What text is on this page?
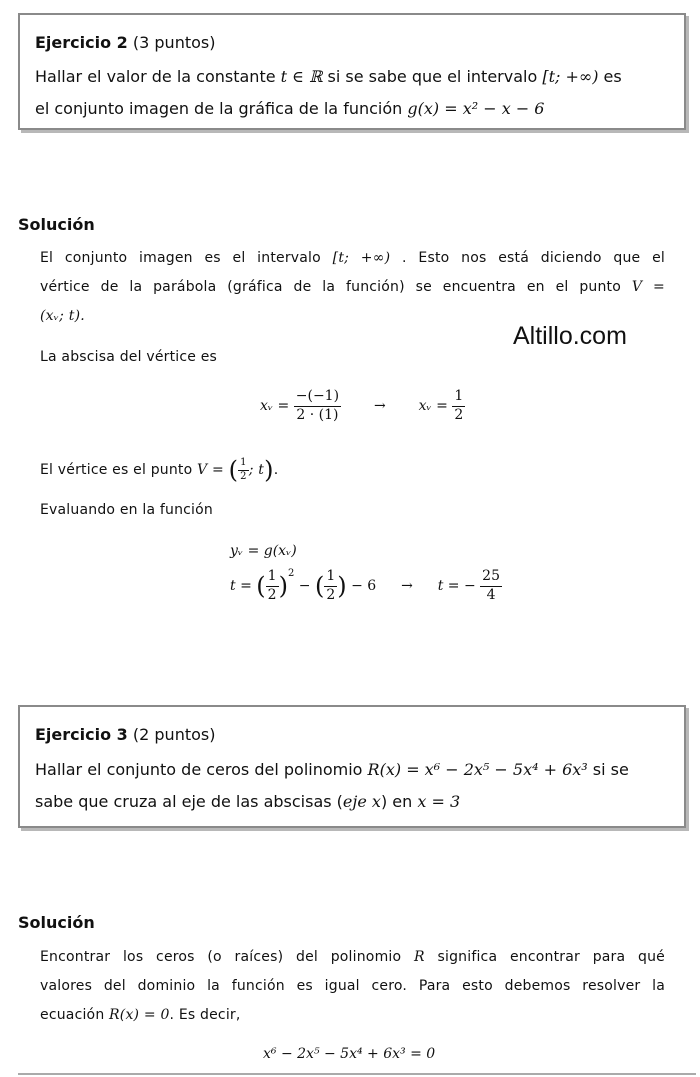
Ejercicio 2 (3 puntos)
Hallar el valor de la constante t ∈ ℝ si se sabe que el intervalo [t; +∞) es
el conjunto imagen de la gráfica de la función g(x) = x² − x − 6
Solución
El conjunto imagen es el intervalo [t; +∞) . Esto nos está diciendo que el
vértice de la parábola (gráfica de la función) se encuentra en el punto V =
(xᵥ; t).
Altillo.com
La abscisa del vértice es
xᵥ = $\frac{-(-1)}{2 \cdot (1)}$ → xᵥ = $\frac{1}{2}$
El vértice es el punto V = ( $\frac{1}{2}$ ; t).
Evaluando en la función
yᵥ = g(xᵥ)
t = ( $\frac{1}{2} )^2$ − ( $\frac{1}{2}$ ) − 6 → t = − $\frac{25}{4}$
Ejercicio 3 (2 puntos)
Hallar el conjunto de ceros del polinomio R(x) = x⁶ − 2x⁵ − 5x⁴ + 6x³ si se
sabe que cruza al eje de las abscisas (eje x) en x = 3
Solución
Encontrar los ceros (o raíces) del polinomio R significa encontrar para qué
valores del dominio la función es igual cero. Para esto debemos resolver la
ecuación R(x) = 0. Es decir,
x⁶ − 2x⁵ − 5x⁴ + 6x³ = 0
